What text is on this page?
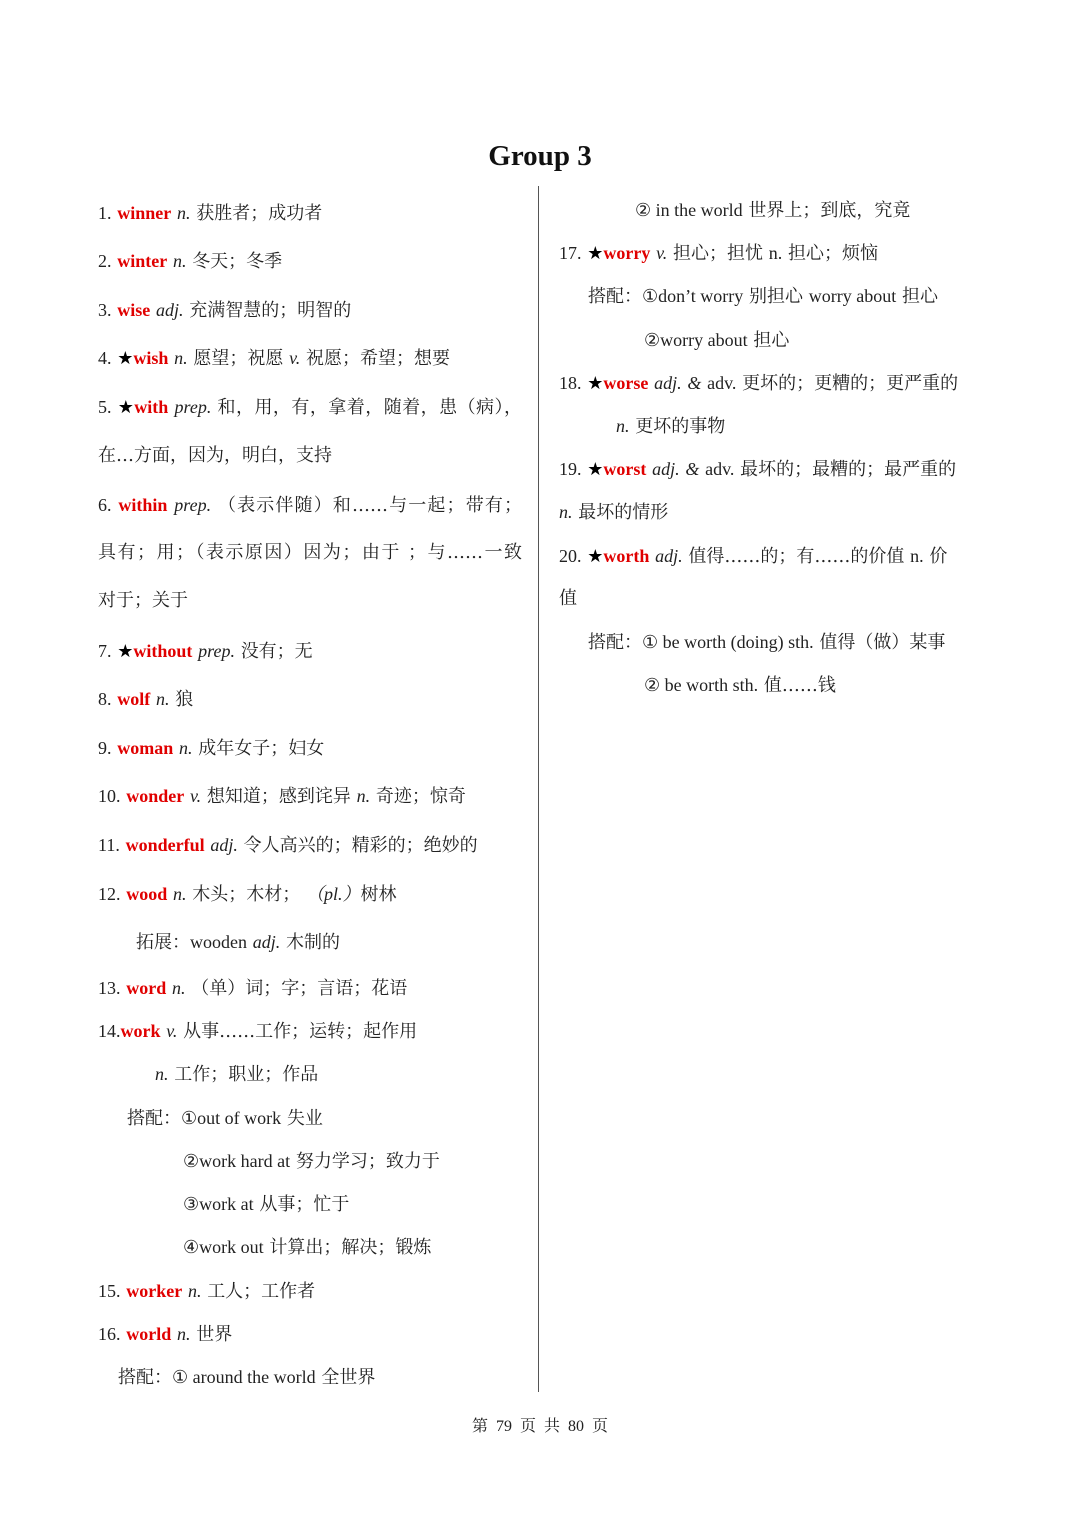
Group 3
1. winner n. 获胜者；成功者
2. winter n. 冬天；冬季
3. wise adj. 充满智慧的；明智的
4. ★wish n. 愿望；祝愿 v. 祝愿；希望；想要
5. ★with prep. 和，用，有，拿着，随着，患（病），
在…方面，因为，明白，支持
6. within prep. （表示伴随）和……与一起；带有；
具有；用；（表示原因）因为；由于 ；与……一致
对于；关于
7. ★without prep. 没有；无
8. wolf n. 狼
9. woman n. 成年女子；妇女
10. wonder v. 想知道；感到诧异 n. 奇迹；惊奇
11. wonderful adj. 令人高兴的；精彩的；绝妙的
12. wood n. 木头；木材； （pl.）树林
拓展：wooden adj. 木制的
13. word n. （单）词；字；言语；花语
14.work v. 从事……工作；运转；起作用
n. 工作；职业；作品
搭配：①out of work 失业
②work hard at 努力学习；致力于
③work at 从事；忙于
④work out 计算出；解决；锻炼
15. worker n. 工人；工作者
16. world n. 世界
搭配：① around the world 全世界
② in the world 世界上；到底，究竟
17. ★worry v. 担心；担忧 n. 担心；烦恼
搭配：①don’t worry 别担心 worry about 担心
②worry about 担心
18. ★worse adj. & adv. 更坏的；更糟的；更严重的
n. 更坏的事物
19. ★worst adj. & adv. 最坏的；最糟的；最严重的
n. 最坏的情形
20. ★worth adj. 值得……的；有……的价值 n. 价
值
搭配：① be worth (doing) sth. 值得（做）某事
② be worth sth. 值……钱
第 79 页 共 80 页
